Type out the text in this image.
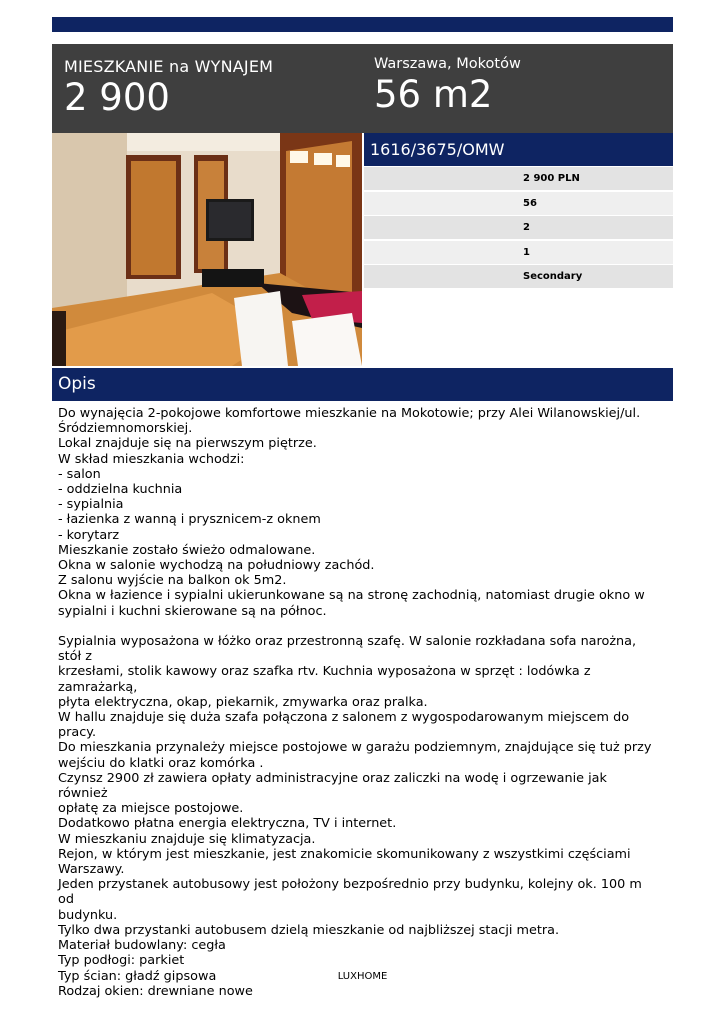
MIESZKANIE na WYNAJEM
2 900
Warszawa, Mokotów
56 m2
1616/3675/OMW
2 900 PLN
56
2
1
Secondary
Opis
Do wynajęcia 2-pokojowe komfortowe mieszkanie na Mokotowie; przy Alei Wilanowskiej/ul.
Śródziemnomorskiej.
Lokal znajduje się na pierwszym piętrze.
W skład mieszkania wchodzi:
- salon
- oddzielna kuchnia
- sypialnia
- łazienka z wanną i prysznicem-z oknem
- korytarz
Mieszkanie zostało świeżo odmalowane.
Okna w salonie wychodzą na południowy zachód.
Z salonu wyjście na balkon ok 5m2.
Okna w łazience i sypialni ukierunkowane są na stronę zachodnią, natomiast drugie okno w
sypialni i kuchni skierowane są na północ.
Sypialnia wyposażona w łóżko oraz przestronną szafę. W salonie rozkładana sofa narożna, stół z
krzesłami, stolik kawowy oraz szafka rtv. Kuchnia wyposażona w sprzęt : lodówka z zamrażarką,
płyta elektryczna, okap, piekarnik, zmywarka oraz pralka.
W hallu znajduje się duża szafa połączona z salonem z wygospodarowanym miejscem do pracy.
Do mieszkania przynależy miejsce postojowe w garażu podziemnym, znajdujące się tuż przy
wejściu do klatki oraz komórka .
Czynsz 2900 zł zawiera opłaty administracyjne oraz zaliczki na wodę i ogrzewanie jak również
opłatę za miejsce postojowe.
Dodatkowo płatna energia elektryczna, TV i internet.
W mieszkaniu znajduje się klimatyzacja.
Rejon, w którym jest mieszkanie, jest znakomicie skomunikowany z wszystkimi częściami
Warszawy.
Jeden przystanek autobusowy jest położony bezpośrednio przy budynku, kolejny ok. 100 m od
budynku.
Tylko dwa przystanki autobusem dzielą mieszkanie od najbliższej stacji metra.
Materiał budowlany: cegła
Typ podłogi: parkiet
Typ ścian: gładź gipsowa
Rodzaj okien: drewniane nowe
LUXHOME
